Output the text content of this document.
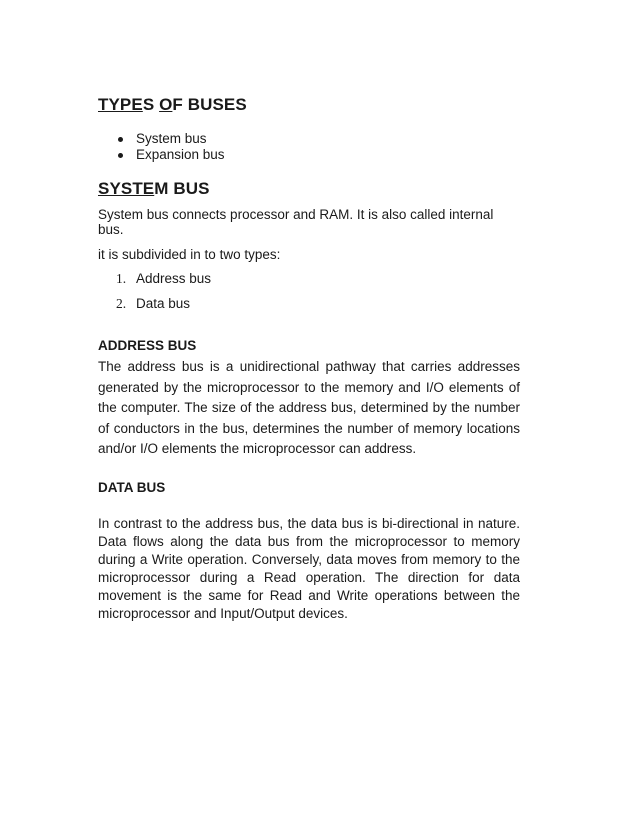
TYPES OF BUSES
System bus
Expansion bus
SYSTEM BUS

System bus connects processor and RAM. It is also called internal bus.

it is subdivided in to two types:

1. Address bus
2. Data bus
ADDRESS BUS

The address bus is a unidirectional pathway that carries addresses generated by the microprocessor to the memory and I/O elements of the computer. The size of the address bus, determined by the number of conductors in the bus, determines the number of memory locations and/or I/O elements the microprocessor can address.

DATA BUS

In contrast to the address bus, the data bus is bi-directional in nature. Data flows along the data bus from the microprocessor to memory during a Write operation. Conversely, data moves from memory to the microprocessor during a Read operation. The direction for data movement is the same for Read and Write operations between the microprocessor and Input/Output devices.
